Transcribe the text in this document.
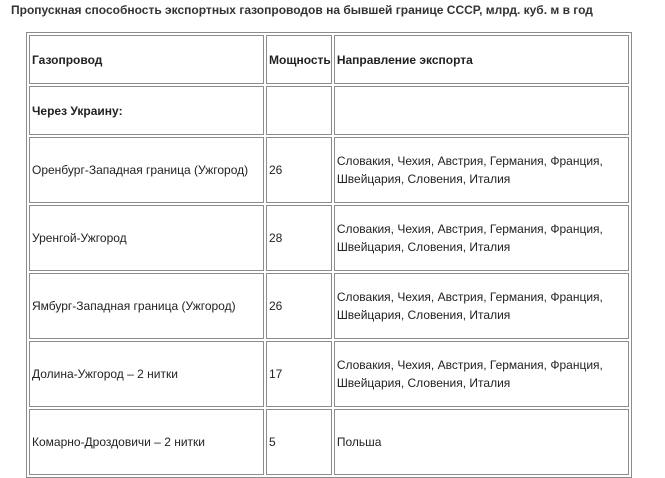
Пропускная способность экспортных газопроводов на бывшей границе СССР, млрд. куб. м в год
Газопровод	Мощность	Направление экспорта
Через Украину:		
Оренбург-Западная граница (Ужгород)	26	Словакия, Чехия, Австрия, Германия, Франция, Швейцария, Словения, Италия
Уренгой-Ужгород	28	Словакия, Чехия, Австрия, Германия, Франция, Швейцария, Словения, Италия
Ямбург-Западная граница (Ужгород)	26	Словакия, Чехия, Австрия, Германия, Франция, Швейцария, Словения, Италия
Долина-Ужгород – 2 нитки	17	Словакия, Чехия, Австрия, Германия, Франция, Швейцария, Словения, Италия
Комарно-Дроздовичи – 2 нитки	5	Польша
